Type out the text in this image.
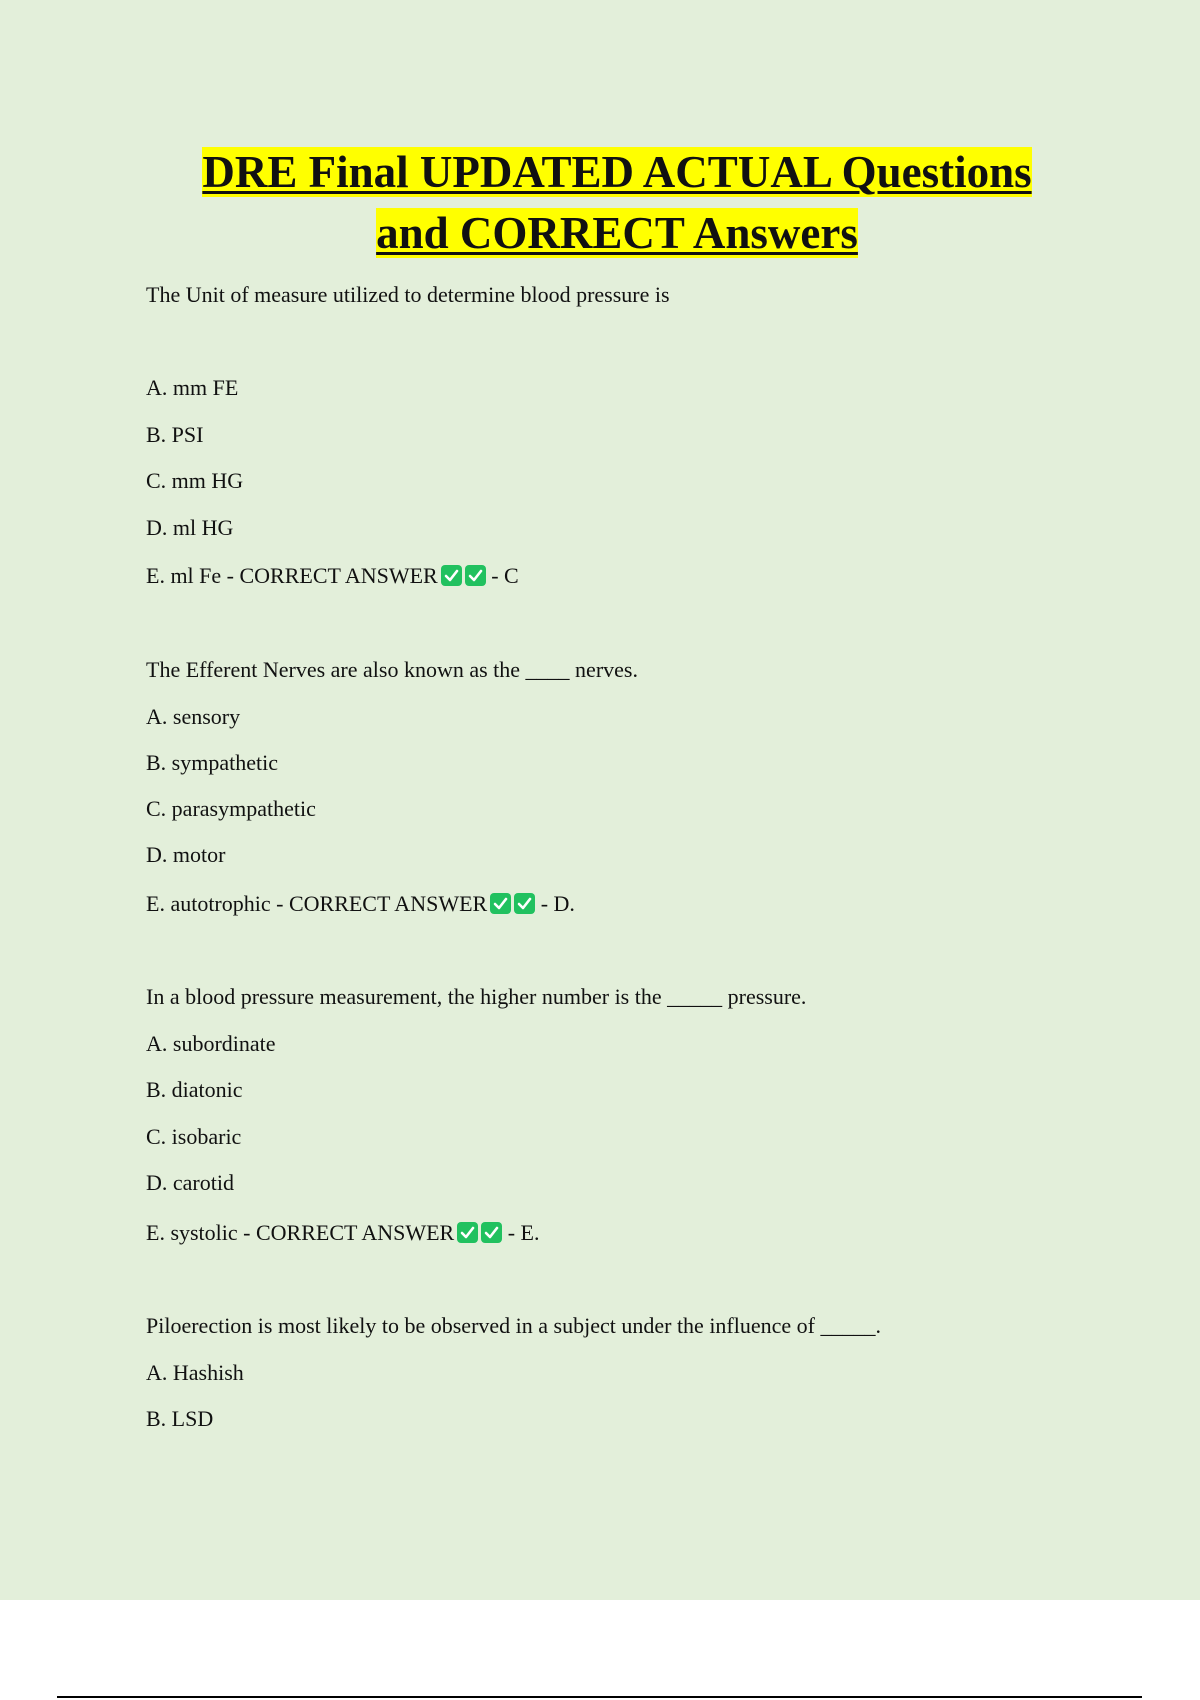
DRE Final UPDATED ACTUAL Questions
and CORRECT Answers

The Unit of measure utilized to determine blood pressure is

A. mm FE

B. PSI

C. mm HG

D. ml HG

E. ml Fe - CORRECT ANSWER
- C

The Efferent Nerves are also known as the ____ nerves.

A. sensory

B. sympathetic

C. parasympathetic

D. motor

E. autotrophic - CORRECT ANSWER
- D.

In a blood pressure measurement, the higher number is the _____ pressure.

A. subordinate

B. diatonic

C. isobaric

D. carotid

E. systolic - CORRECT ANSWER
- E.

Piloerection is most likely to be observed in a subject under the influence of _____.

A. Hashish

B. LSD
